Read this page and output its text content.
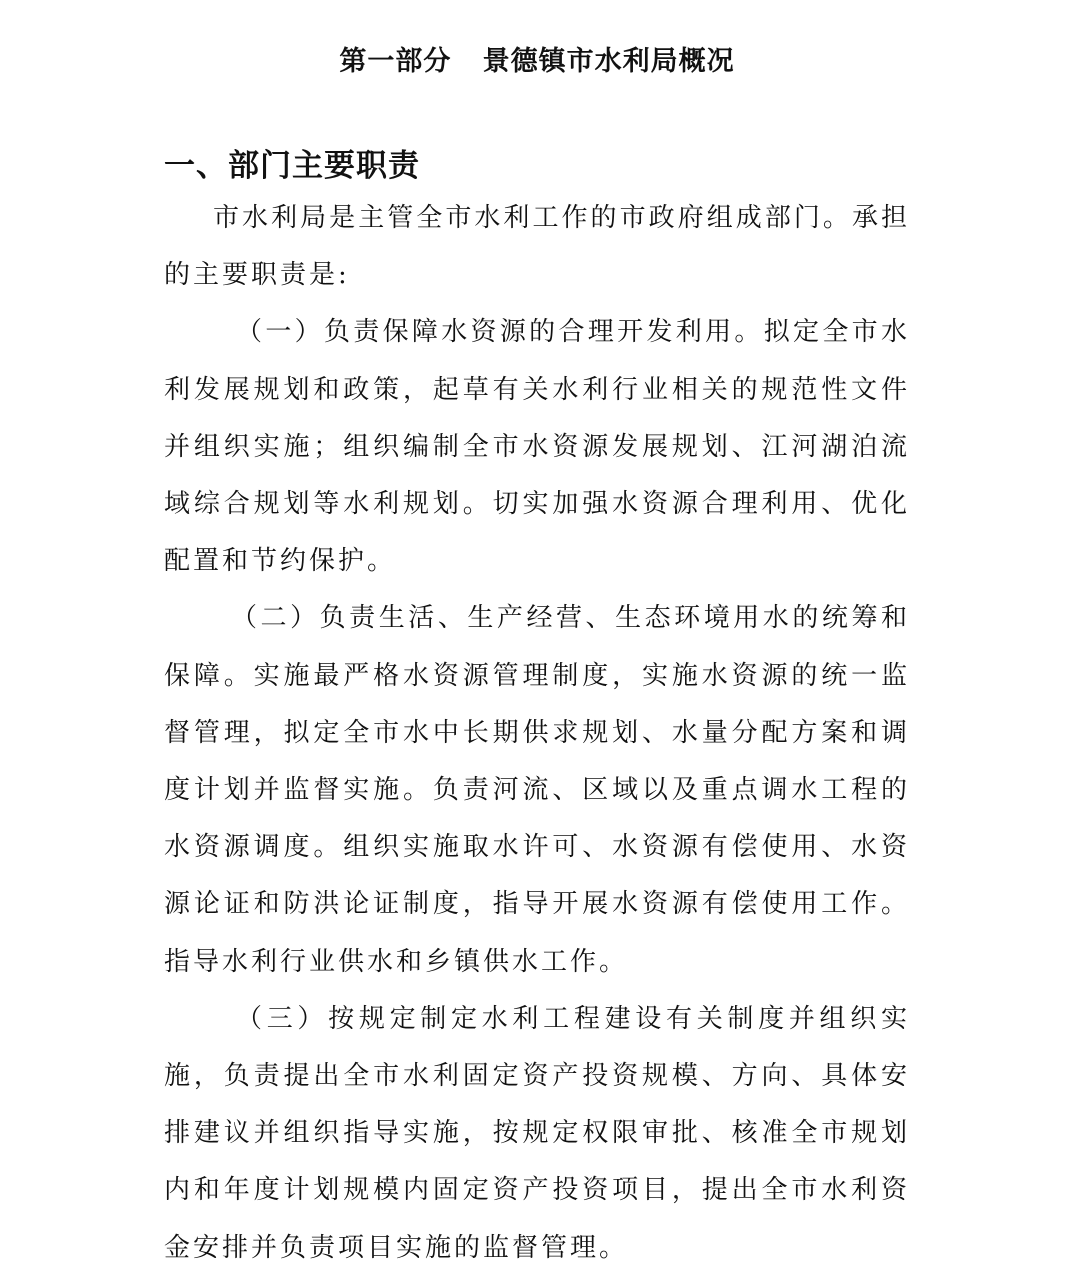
第一部分   景德镇市水利局概况
一、部门主要职责

市水利局是主管全市水利工作的市政府组成部门。承担的主要职责是:

（一）负责保障水资源的合理开发利用。拟定全市水利发展规划和政策，起草有关水利行业相关的规范性文件并组织实施；组织编制全市水资源发展规划、江河湖泊流域综合规划等水利规划。切实加强水资源合理利用、优化配置和节约保护。

（二）负责生活、生产经营、生态环境用水的统筹和保障。实施最严格水资源管理制度，实施水资源的统一监督管理，拟定全市水中长期供求规划、水量分配方案和调度计划并监督实施。负责河流、区域以及重点调水工程的水资源调度。组织实施取水许可、水资源有偿使用、水资源论证和防洪论证制度，指导开展水资源有偿使用工作。指导水利行业供水和乡镇供水工作。

（三）按规定制定水利工程建设有关制度并组织实施，负责提出全市水利固定资产投资规模、方向、具体安排建议并组织指导实施，按规定权限审批、核准全市规划内和年度计划规模内固定资产投资项目，提出全市水利资金安排并负责项目实施的监督管理。
